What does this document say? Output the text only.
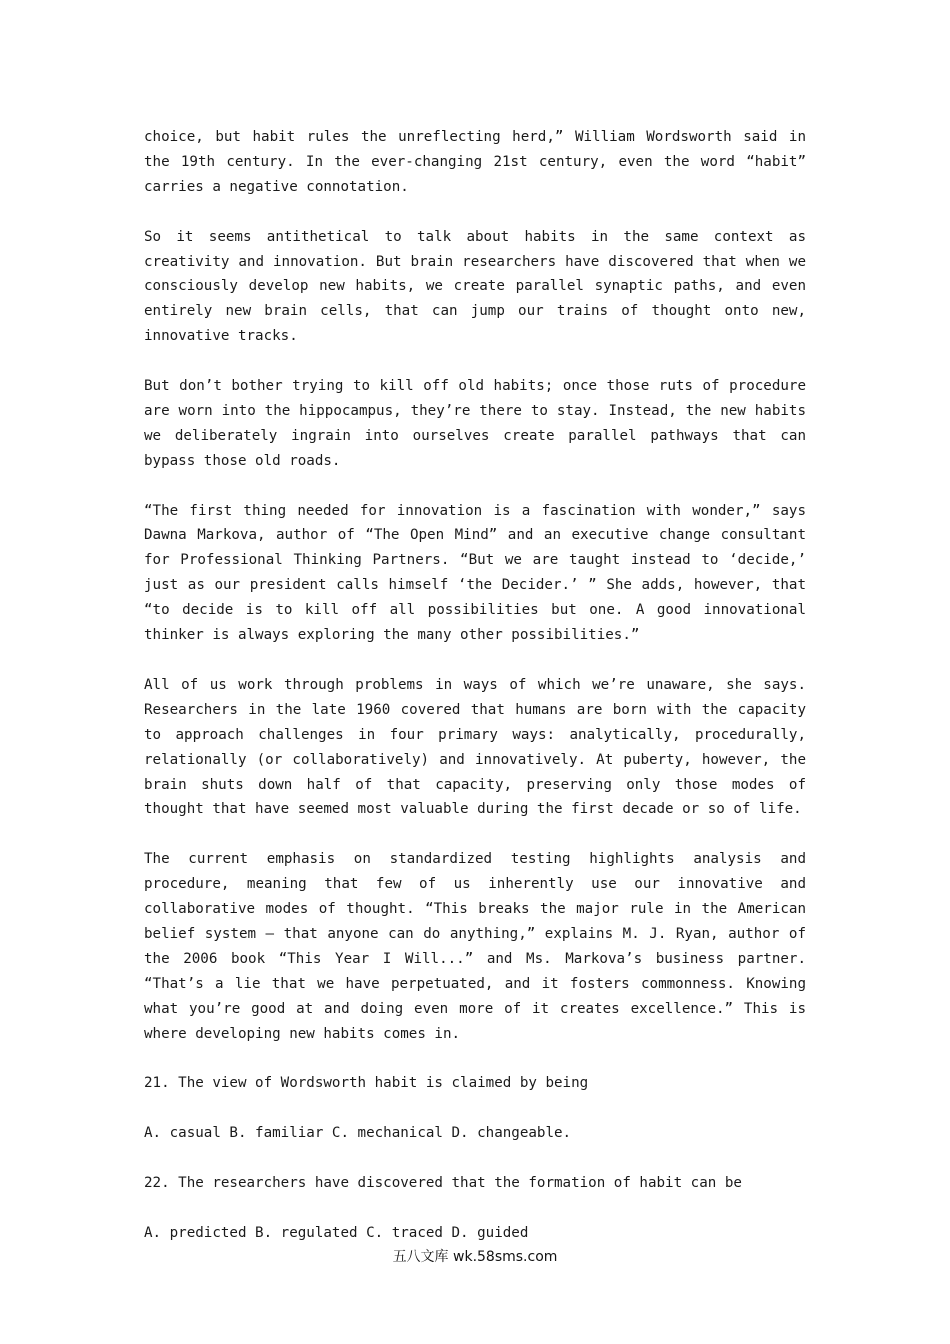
choice, but habit rules the unreflecting herd,” William Wordsworth said in the 19th century. In the ever-changing 21st century, even the word “habit” carries a negative connotation.

So it seems antithetical to talk about habits in the same context as creativity and innovation. But brain researchers have discovered that when we consciously develop new habits, we create parallel synaptic paths, and even entirely new brain cells, that can jump our trains of thought onto new, innovative tracks.

But don’t bother trying to kill off old habits; once those ruts of procedure are worn into the hippocampus, they’re there to stay. Instead, the new habits we deliberately ingrain into ourselves create parallel pathways that can bypass those old roads.

“The first thing needed for innovation is a fascination with wonder,” says Dawna Markova, author of “The Open Mind” and an executive change consultant for Professional Thinking Partners. “But we are taught instead to ‘decide,’ just as our president calls himself ‘the Decider.’ ” She adds, however, that “to decide is to kill off all possibilities but one. A good innovational thinker is always exploring the many other possibilities.”

All of us work through problems in ways of which we’re unaware, she says. Researchers in the late 1960 covered that humans are born with the capacity to approach challenges in four primary ways: analytically, procedurally, relationally (or collaboratively) and innovatively. At puberty, however, the brain shuts down half of that capacity, preserving only those modes of thought that have seemed most valuable during the first decade or so of life.

The current emphasis on standardized testing highlights analysis and procedure, meaning that few of us inherently use our innovative and collaborative modes of thought. “This breaks the major rule in the American belief system — that anyone can do anything,” explains M. J. Ryan, author of the 2006 book “This Year I Will...” and Ms. Markova’s business partner. “That’s a lie that we have perpetuated, and it fosters commonness. Knowing what you’re good at and doing even more of it creates excellence.” This is where developing new habits comes in.

21. The view of Wordsworth habit is claimed by being

A. casual B. familiar C. mechanical D. changeable.

22. The researchers have discovered that the formation of habit can be

A. predicted B. regulated C. traced D. guided

五八文库 wk.58sms.com
